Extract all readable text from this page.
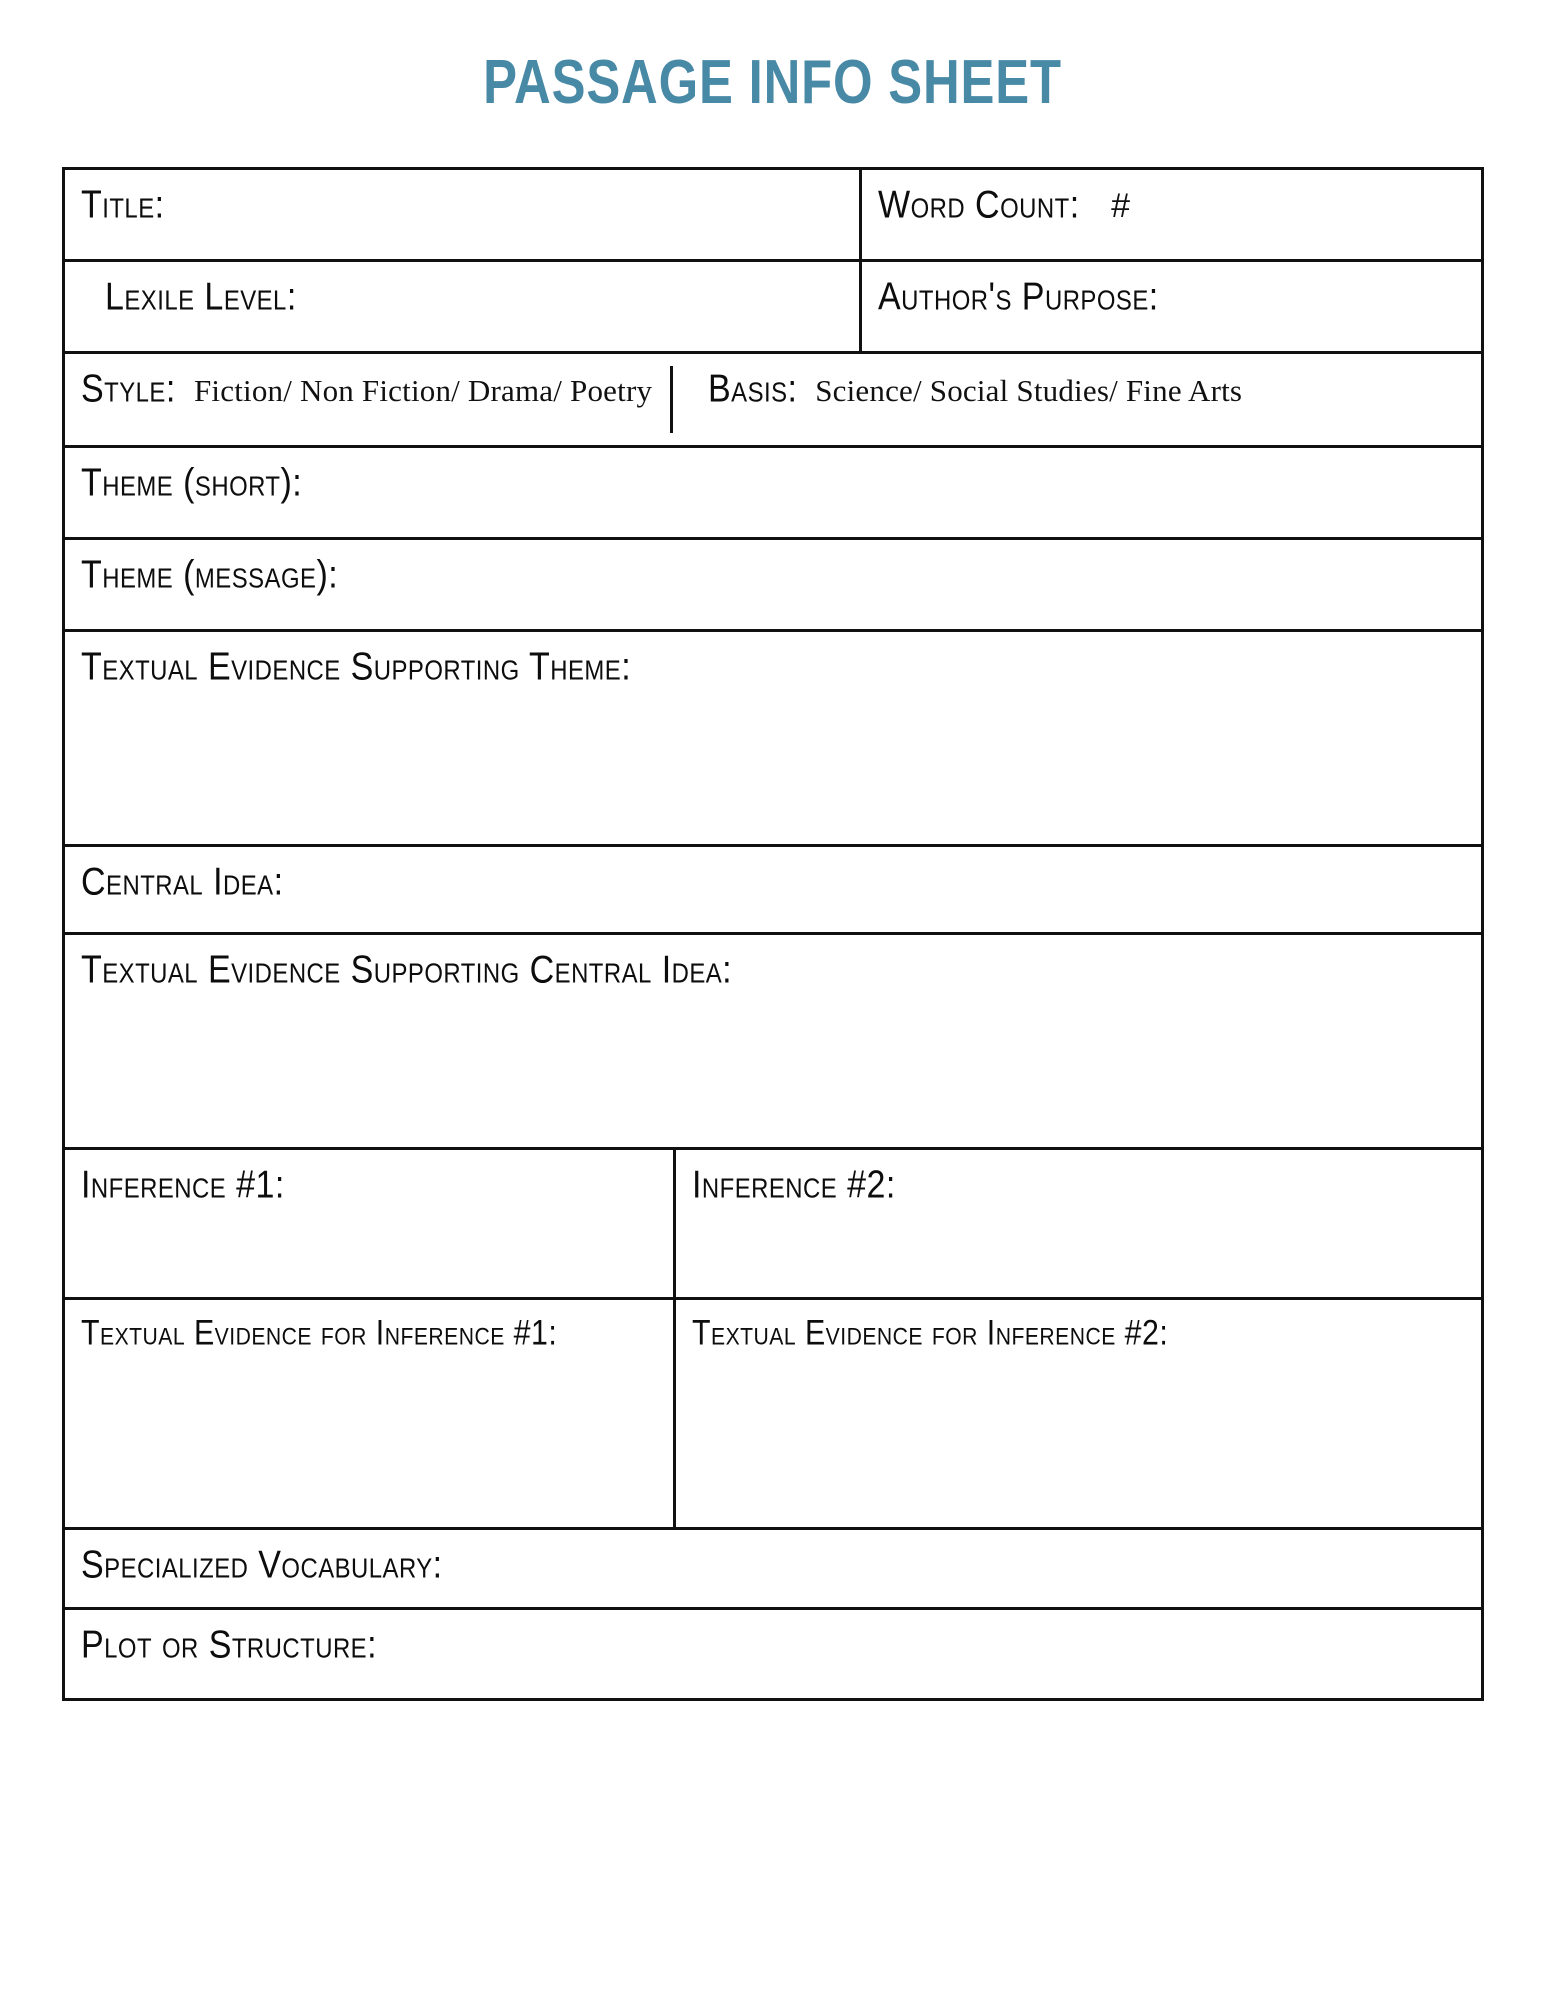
PASSAGE INFO SHEET
Title:	Word Count: #
Lexile Level:	Author's Purpose:
Style: Fiction/ Non Fiction/ Drama/ Poetry Basis: Science/ Social Studies/ Fine Arts
Theme (short):
Theme (message):
Textual Evidence Supporting Theme:
Central Idea:
Textual Evidence Supporting Central Idea:
Inference #1:	Inference #2:
Textual Evidence for Inference #1:	Textual Evidence for Inference #2:
Specialized Vocabulary:
Plot or Structure:
